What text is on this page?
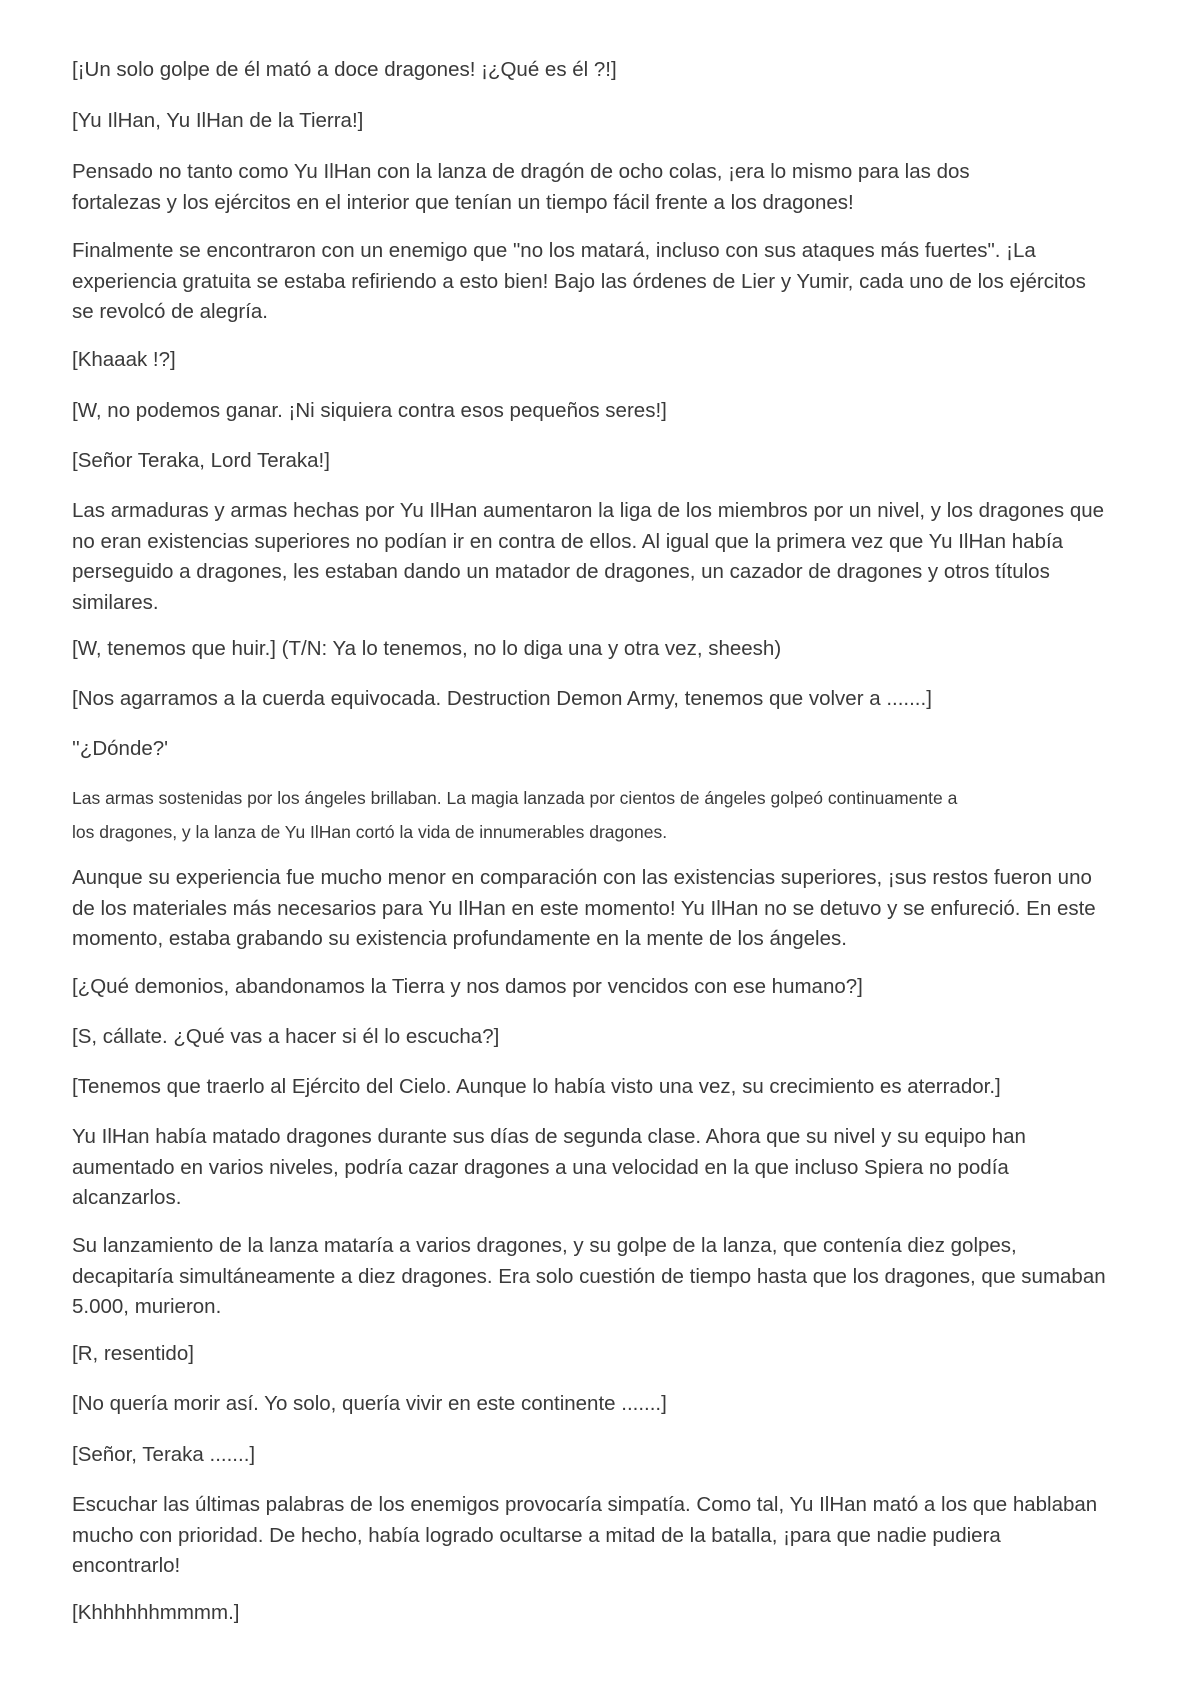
[¡Un solo golpe de él mató a doce dragones! ¡¿Qué es él ?!]

[Yu IlHan, Yu IlHan de la Tierra!]

Pensado no tanto como Yu IlHan con la lanza de dragón de ocho colas, ¡era lo mismo para las dos fortalezas y los ejércitos en el interior que tenían un tiempo fácil frente a los dragones!

Finalmente se encontraron con un enemigo que "no los matará, incluso con sus ataques más fuertes". ¡La experiencia gratuita se estaba refiriendo a esto bien! Bajo las órdenes de Lier y Yumir, cada uno de los ejércitos se revolcó de alegría.

[Khaaak !?]

[W, no podemos ganar. ¡Ni siquiera contra esos pequeños seres!]

[Señor Teraka, Lord Teraka!]

Las armaduras y armas hechas por Yu IlHan aumentaron la liga de los miembros por un nivel, y los dragones que no eran existencias superiores no podían ir en contra de ellos. Al igual que la primera vez que Yu IlHan había perseguido a dragones, les estaban dando un matador de dragones, un cazador de dragones y otros títulos similares.

[W, tenemos que huir.] (T/N: Ya lo tenemos, no lo diga una y otra vez, sheesh)

[Nos agarramos a la cuerda equivocada. Destruction Demon Army, tenemos que volver a .......]

''¿Dónde?'

Las armas sostenidas por los ángeles brillaban. La magia lanzada por cientos de ángeles golpeó continuamente a los dragones, y la lanza de Yu IlHan cortó la vida de innumerables dragones.

Aunque su experiencia fue mucho menor en comparación con las existencias superiores, ¡sus restos fueron uno de los materiales más necesarios para Yu IlHan en este momento! Yu IlHan no se detuvo y se enfureció. En este momento, estaba grabando su existencia profundamente en la mente de los ángeles.

[¿Qué demonios, abandonamos la Tierra y nos damos por vencidos con ese humano?]

[S, cállate. ¿Qué vas a hacer si él lo escucha?]

[Tenemos que traerlo al Ejército del Cielo. Aunque lo había visto una vez, su crecimiento es aterrador.]

Yu IlHan había matado dragones durante sus días de segunda clase. Ahora que su nivel y su equipo han aumentado en varios niveles, podría cazar dragones a una velocidad en la que incluso Spiera no podía alcanzarlos.

Su lanzamiento de la lanza mataría a varios dragones, y su golpe de la lanza, que contenía diez golpes, decapitaría simultáneamente a diez dragones. Era solo cuestión de tiempo hasta que los dragones, que sumaban 5.000, murieron.

[R, resentido]

[No quería morir así. Yo solo, quería vivir en este continente .......]

[Señor, Teraka .......]

Escuchar las últimas palabras de los enemigos provocaría simpatía. Como tal, Yu IlHan mató a los que hablaban mucho con prioridad. De hecho, había logrado ocultarse a mitad de la batalla, ¡para que nadie pudiera encontrarlo!

[Khhhhhhmmmm.]
